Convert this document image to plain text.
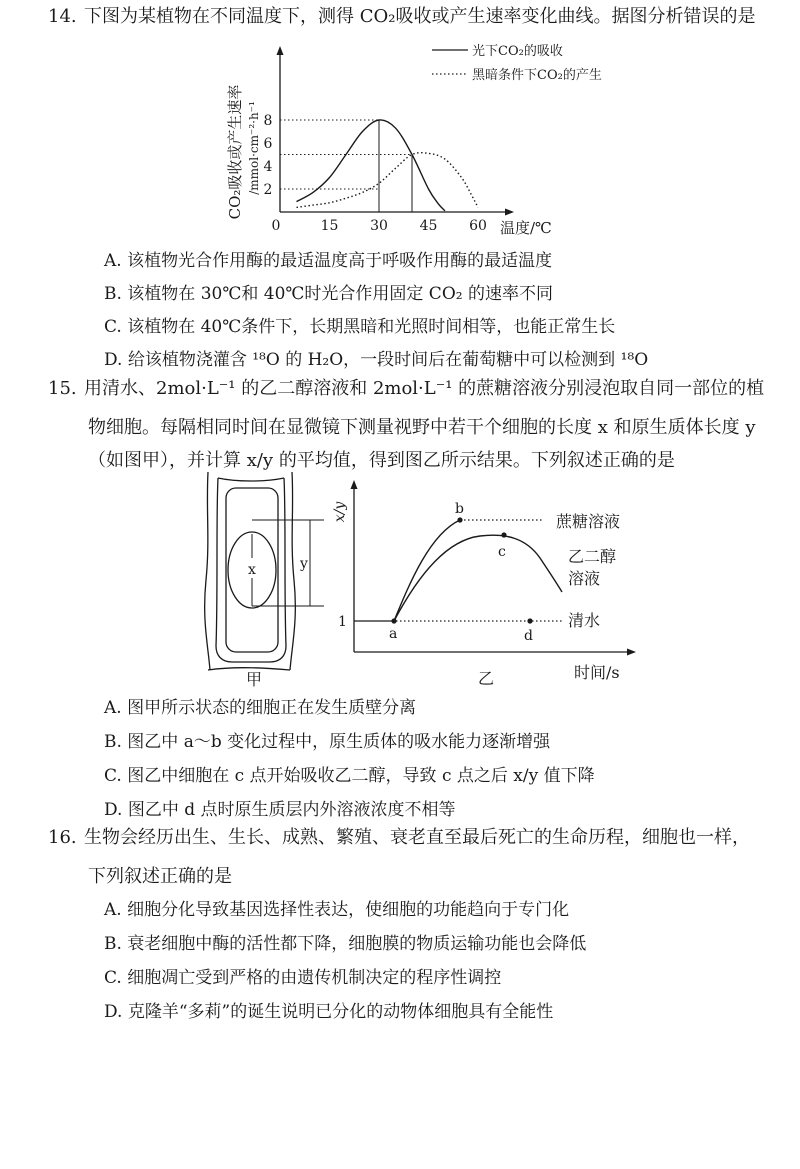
14. 下图为某植物在不同温度下，测得 CO₂吸收或产生速率变化曲线。据图分析错误的是
CO₂吸收或产生速率 /mmol·cm⁻²·h⁻¹
0	温度/℃
15 30 45 60
2
4
6
8
光下CO₂的吸收
黑暗条件下CO₂的产生
A. 该植物光合作用酶的最适温度高于呼吸作用酶的最适温度
B. 该植物在 30℃和 40℃时光合作用固定 CO₂ 的速率不同
C. 该植物在 40℃条件下，长期黑暗和光照时间相等，也能正常生长
D. 给该植物浇灌含 ¹⁸O 的 H₂O，一段时间后在葡萄糖中可以检测到 ¹⁸O
15. 用清水、2mol·L⁻¹ 的乙二醇溶液和 2mol·L⁻¹ 的蔗糖溶液分别浸泡取自同一部位的植
物细胞。每隔相同时间在显微镜下测量视野中若干个细胞的长度 x 和原生质体长度 y
（如图甲），并计算 x/y 的平均值，得到图乙所示结果。下列叙述正确的是
x	y
甲
x/y
1
a
b
c
d
蔗糖溶液
乙二醇
溶液
清水
乙	时间/s
A. 图甲所示状态的细胞正在发生质壁分离
B. 图乙中 a～b 变化过程中，原生质体的吸水能力逐渐增强
C. 图乙中细胞在 c 点开始吸收乙二醇，导致 c 点之后 x/y 值下降
D. 图乙中 d 点时原生质层内外溶液浓度不相等
16. 生物会经历出生、生长、成熟、繁殖、衰老直至最后死亡的生命历程，细胞也一样，
下列叙述正确的是
A. 细胞分化导致基因选择性表达，使细胞的功能趋向于专门化
B. 衰老细胞中酶的活性都下降，细胞膜的物质运输功能也会降低
C. 细胞凋亡受到严格的由遗传机制决定的程序性调控
D. 克隆羊“多莉”的诞生说明已分化的动物体细胞具有全能性
